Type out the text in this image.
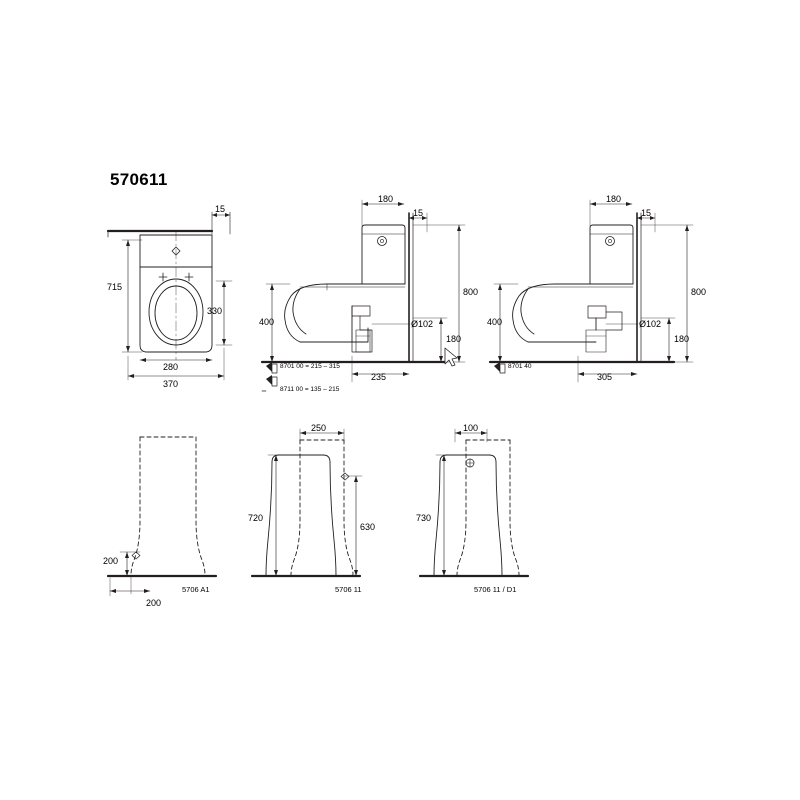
570611
15
715
330
280
370
180
15
800
400	Ø102
180
235
8701 00 = 215 – 315
8711 00 = 135 – 215
180
15
800
400	Ø102
180
305
8701 40
200
200
5706 A1
250
720
630
5706 11
100
730
5706 11 / D1
